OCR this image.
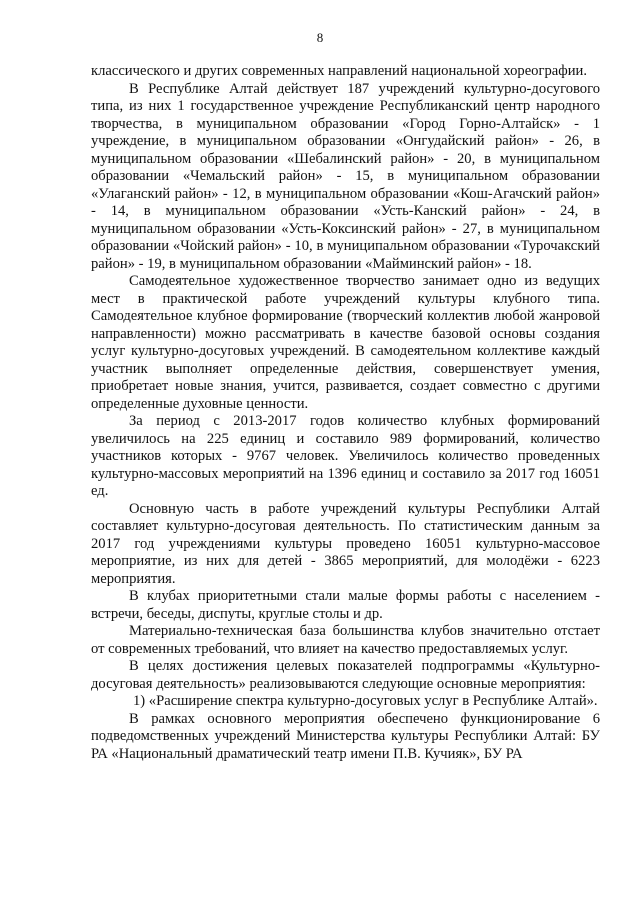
8

классического и других современных направлений национальной хореографии.

В Республике Алтай действует 187 учреждений культурно-досугового типа, из них 1 государственное учреждение Республиканский центр народного творчества, в муниципальном образовании «Город Горно-Алтайск» - 1 учреждение, в муниципальном образовании «Онгудайский район» - 26, в муниципальном образовании «Шебалинский район» - 20, в муниципальном образовании «Чемальский район» - 15, в муниципальном образовании «Улаганский район» - 12, в муниципальном образовании «Кош-Агачский район» - 14, в муниципальном образовании «Усть-Канский район» - 24, в муниципальном образовании «Усть-Коксинский район» - 27, в муниципальном образовании «Чойский район» - 10, в муниципальном образовании «Турочакский район» - 19, в муниципальном образовании «Майминский район» - 18.

Самодеятельное художественное творчество занимает одно из ведущих мест в практической работе учреждений культуры клубного типа. Самодеятельное клубное формирование (творческий коллектив любой жанровой направленности) можно рассматривать в качестве базовой основы создания услуг культурно-досуговых учреждений. В самодеятельном коллективе каждый участник выполняет определенные действия, совершенствует умения, приобретает новые знания, учится, развивается, создает совместно с другими определенные духовные ценности.

За период с 2013-2017 годов количество клубных формирований увеличилось на 225 единиц и составило 989 формирований, количество участников которых - 9767 человек. Увеличилось количество проведенных культурно-массовых мероприятий на 1396 единиц и составило за 2017 год 16051 ед.

Основную часть в работе учреждений культуры Республики Алтай составляет культурно-досуговая деятельность. По статистическим данным за 2017 год учреждениями культуры проведено 16051 культурно-массовое мероприятие, из них для детей - 3865 мероприятий, для молодёжи - 6223 мероприятия.

В клубах приоритетными стали малые формы работы с населением - встречи, беседы, диспуты, круглые столы и др.

Материально-техническая база большинства клубов значительно отстает от современных требований, что влияет на качество предоставляемых услуг.

В целях достижения целевых показателей подпрограммы «Культурно-досуговая деятельность» реализовываются следующие основные мероприятия:

1) «Расширение спектра культурно-досуговых услуг в Республике Алтай».

В рамках основного мероприятия обеспечено функционирование 6 подведомственных учреждений Министерства культуры Республики Алтай: БУ РА «Национальный драматический театр имени П.В. Кучияк», БУ РА
